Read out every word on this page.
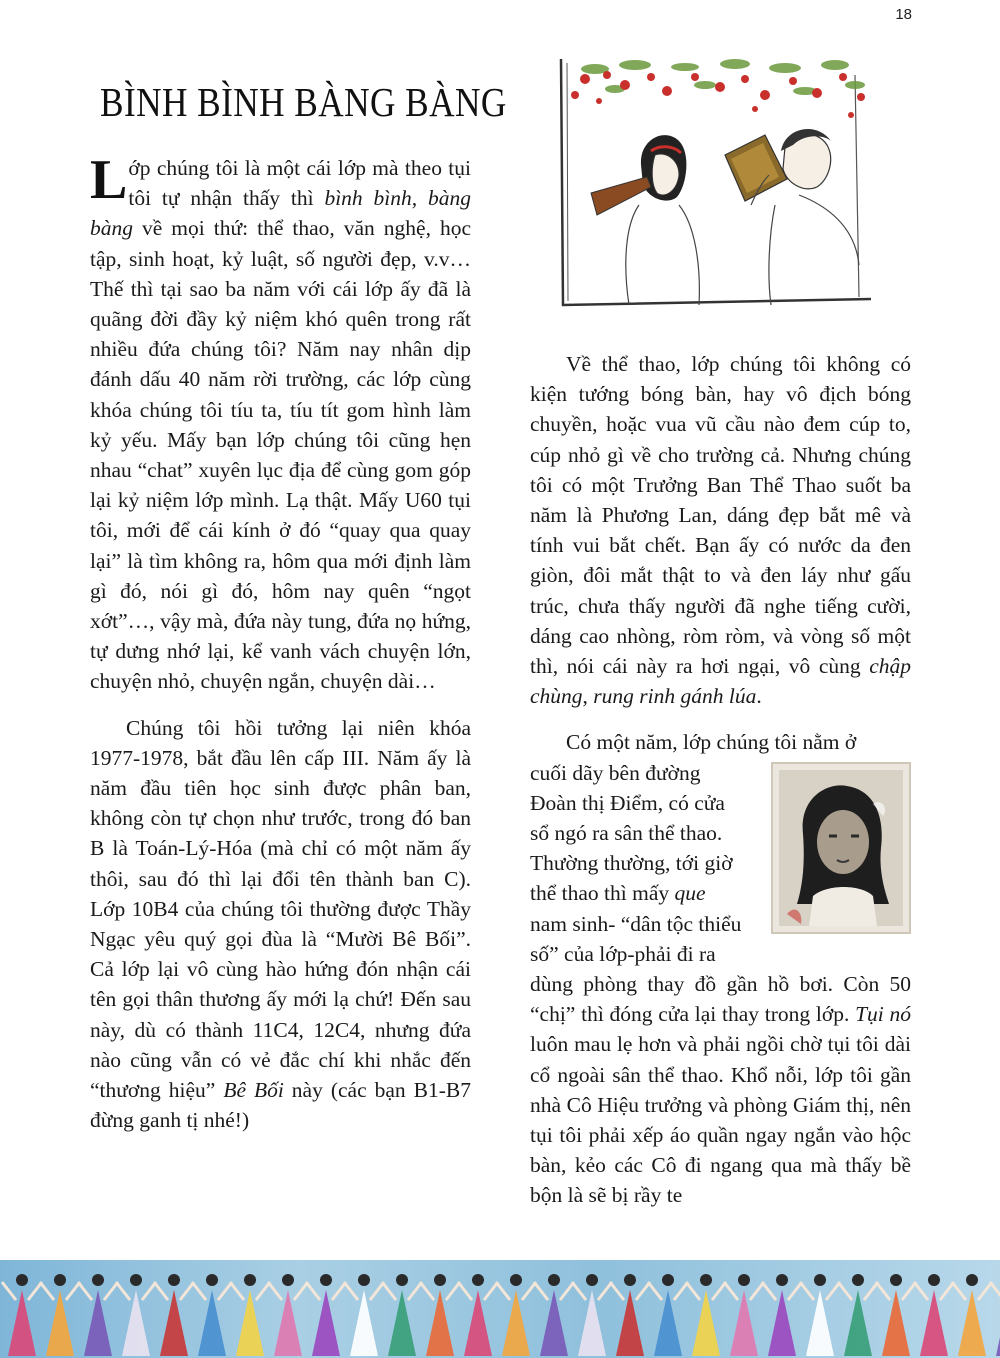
18
BÌNH BÌNH BÀNG BÀNG

Lớp chúng tôi là một cái lớp mà theo tụi tôi tự nhận thấy thì bình bình, bàng bàng về mọi thứ: thể thao, văn nghệ, học tập, sinh hoạt, kỷ luật, số người đẹp, v.v… Thế thì tại sao ba năm với cái lớp ấy đã là quãng đời đầy kỷ niệm khó quên trong rất nhiều đứa chúng tôi? Năm nay nhân dịp đánh dấu 40 năm rời trường, các lớp cùng khóa chúng tôi tíu ta, tíu tít gom hình làm kỷ yếu. Mấy bạn lớp chúng tôi cũng hẹn nhau “chat” xuyên lục địa để cùng gom góp lại kỷ niệm lớp mình. Lạ thật. Mấy U60 tụi tôi, mới để cái kính ở đó “quay qua quay lại” là tìm không ra, hôm qua mới định làm gì đó, nói gì đó, hôm nay quên “ngọt xớt”…, vậy mà, đứa này tung, đứa nọ hứng, tự dưng nhớ lại, kể vanh vách chuyện lớn, chuyện nhỏ, chuyện ngắn, chuyện dài…

Chúng tôi hồi tưởng lại niên khóa 1977-1978, bắt đầu lên cấp III. Năm ấy là năm đầu tiên học sinh được phân ban, không còn tự chọn như trước, trong đó ban B là Toán-Lý-Hóa (mà chỉ có một năm ấy thôi, sau đó thì lại đổi tên thành ban C). Lớp 10B4 của chúng tôi thường được Thầy Ngạc yêu quý gọi đùa là “Mười Bê Bối”. Cả lớp lại vô cùng hào hứng đón nhận cái tên gọi thân thương ấy mới lạ chứ! Đến sau này, dù có thành 11C4, 12C4, nhưng đứa nào cũng vẫn có vẻ đắc chí khi nhắc đến “thương hiệu” Bê Bối này (các bạn B1-B7 đừng ganh tị nhé!)

Về thể thao, lớp chúng tôi không có kiện tướng bóng bàn, hay vô địch bóng chuyền, hoặc vua vũ cầu nào đem cúp to, cúp nhỏ gì về cho trường cả. Nhưng chúng tôi có một Trưởng Ban Thể Thao suốt ba năm là Phương Lan, dáng đẹp bắt mê và tính vui bắt chết. Bạn ấy có nước da đen giòn, đôi mắt thật to và đen láy như gấu trúc, chưa thấy người đã nghe tiếng cười, dáng cao nhòng, ròm ròm, và vòng số một thì, nói cái này ra hơi ngại, vô cùng chập chùng, rung rinh gánh lúa.

Có một năm, lớp chúng tôi nằm ở

cuối dãy bên đường

Đoàn thị Điểm, có cửa

sổ ngó ra sân thể thao.

Thường thường, tới giờ

thể thao thì mấy que

nam sinh- “dân tộc thiểu

số” của lớp-phải đi ra

dùng phòng thay đồ gần hồ bơi. Còn 50 “chị” thì đóng cửa lại thay trong lớp. Tụi nó luôn mau lẹ hơn và phải ngồi chờ tụi tôi dài cổ ngoài sân thể thao. Khổ nỗi, lớp tôi gần nhà Cô Hiệu trưởng và phòng Giám thị, nên tụi tôi phải xếp áo quần ngay ngắn vào hộc bàn, kẻo các Cô đi ngang qua mà thấy bề bộn là sẽ bị rầy te
